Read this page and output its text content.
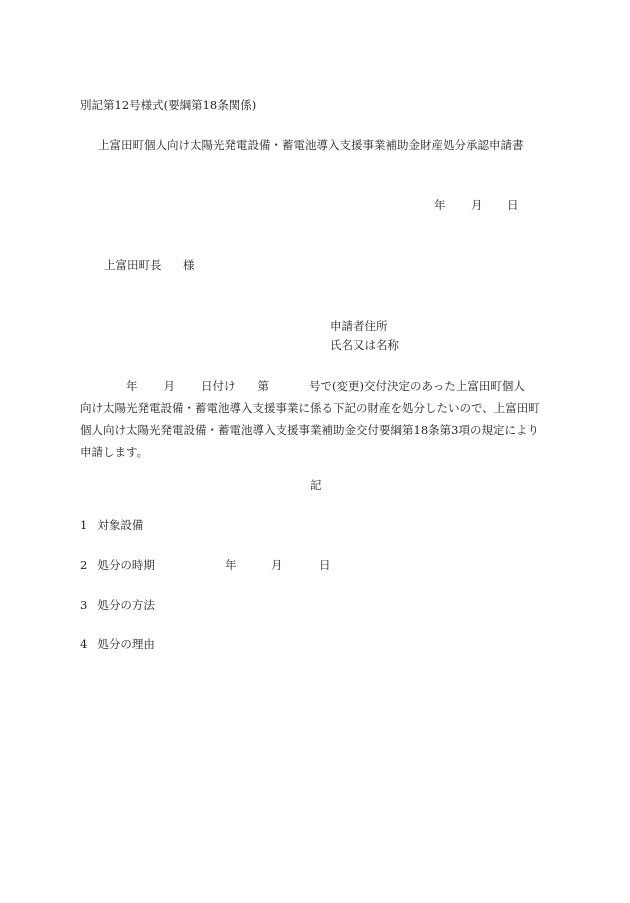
別記第12号様式(要綱第18条関係)
上富田町個人向け太陽光発電設備・蓄電池導入支援事業補助金財産処分承認申請書
年 月 日
上富田町長 様
申請者住所
氏名又は名称
年 月 日付け 第	号で(変更)交付決定のあった上富田町個人
向け太陽光発電設備・蓄電池導入支援事業に係る下記の財産を処分したいので、上富田町
個人向け太陽光発電設備・蓄電池導入支援事業補助金交付要綱第18条第3項の規定により
申請します。
記
1 対象設備
2 処分の時期	年	月	日
3 処分の方法
4 処分の理由
